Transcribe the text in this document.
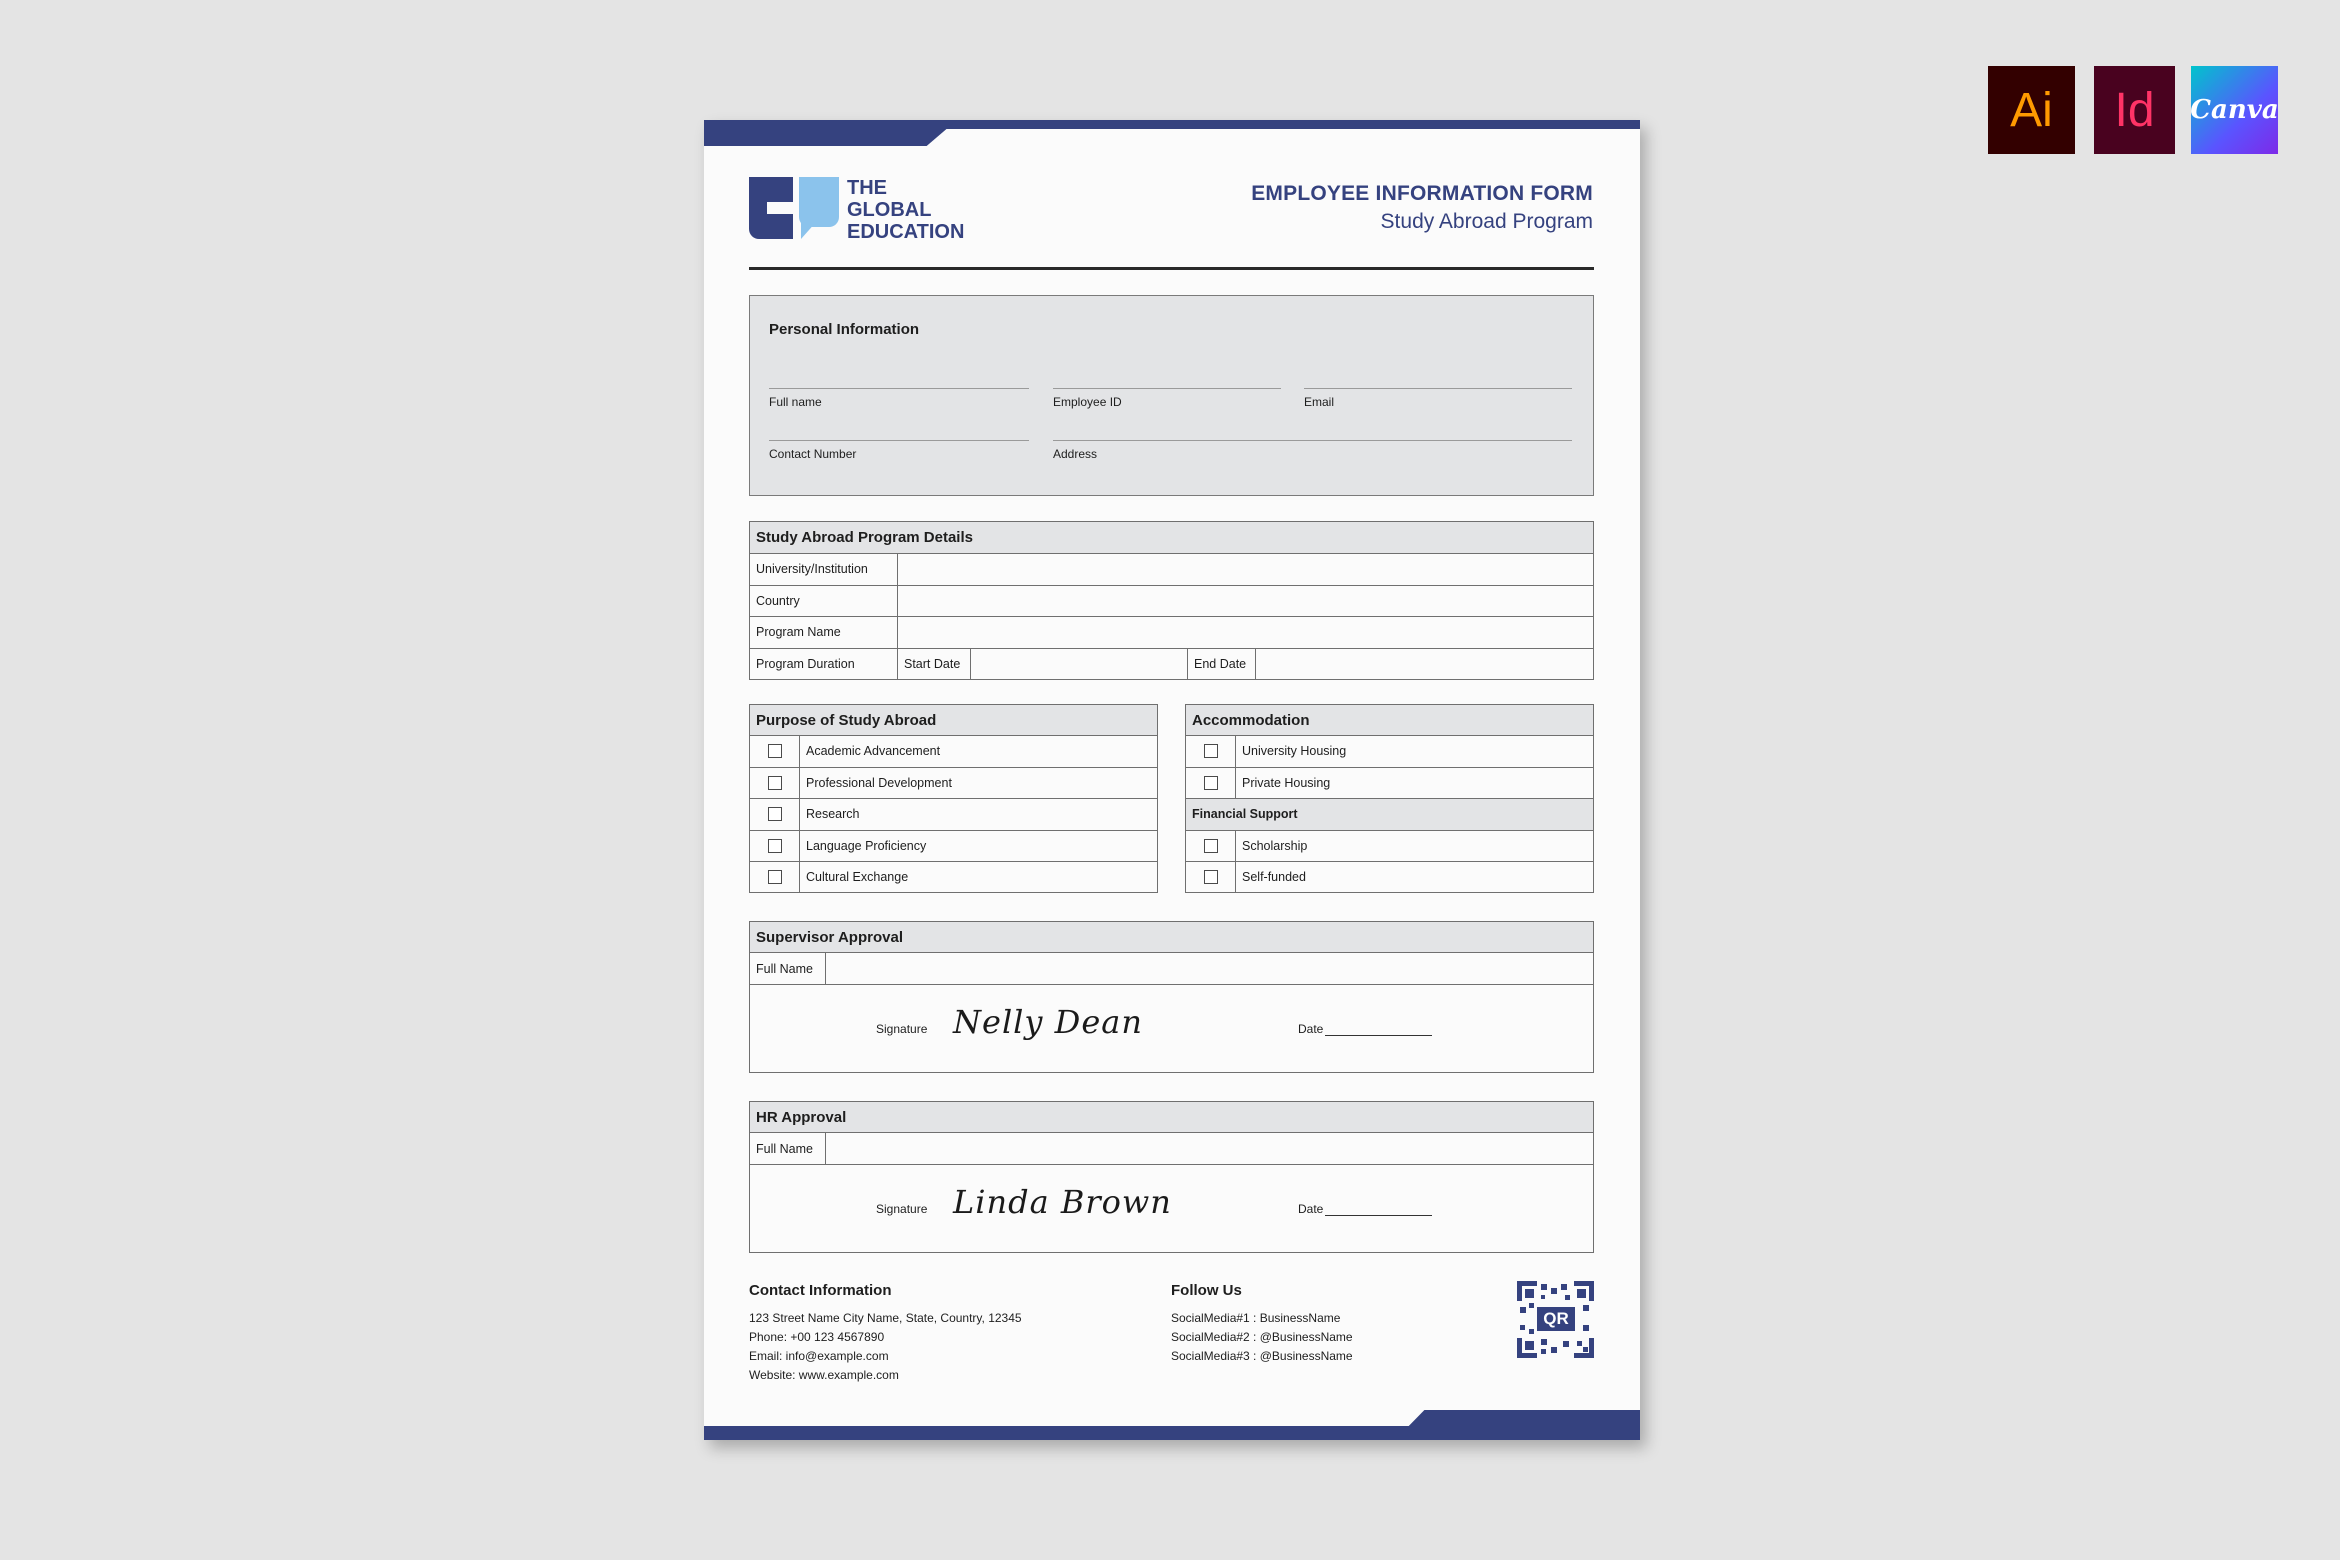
Ai Id Canva
THE
GLOBAL
EDUCATION
EMPLOYEE INFORMATION FORM
Study Abroad Program
Personal Information
Full name	Employee ID	Email
Contact Number	Address
Study Abroad Program Details
University/Institution
Country
Program Name
Program Duration	Start Date	End Date
Purpose of Study Abroad
Academic Advancement
Professional Development
Research
Language Proficiency
Cultural Exchange
Accommodation
University Housing
Private Housing
Financial Support
Scholarship
Self-funded
Supervisor Approval
Full Name
Signature Nelly Dean	Date
HR Approval
Full Name
Signature Linda Brown	Date
Contact Information
123 Street Name City Name, State, Country, 12345
Phone: +00 123 4567890
Email: info@example.com
Website: www.example.com
Follow Us
SocialMedia#1 : BusinessName
SocialMedia#2 : @BusinessName
SocialMedia#3 : @BusinessName
QR
